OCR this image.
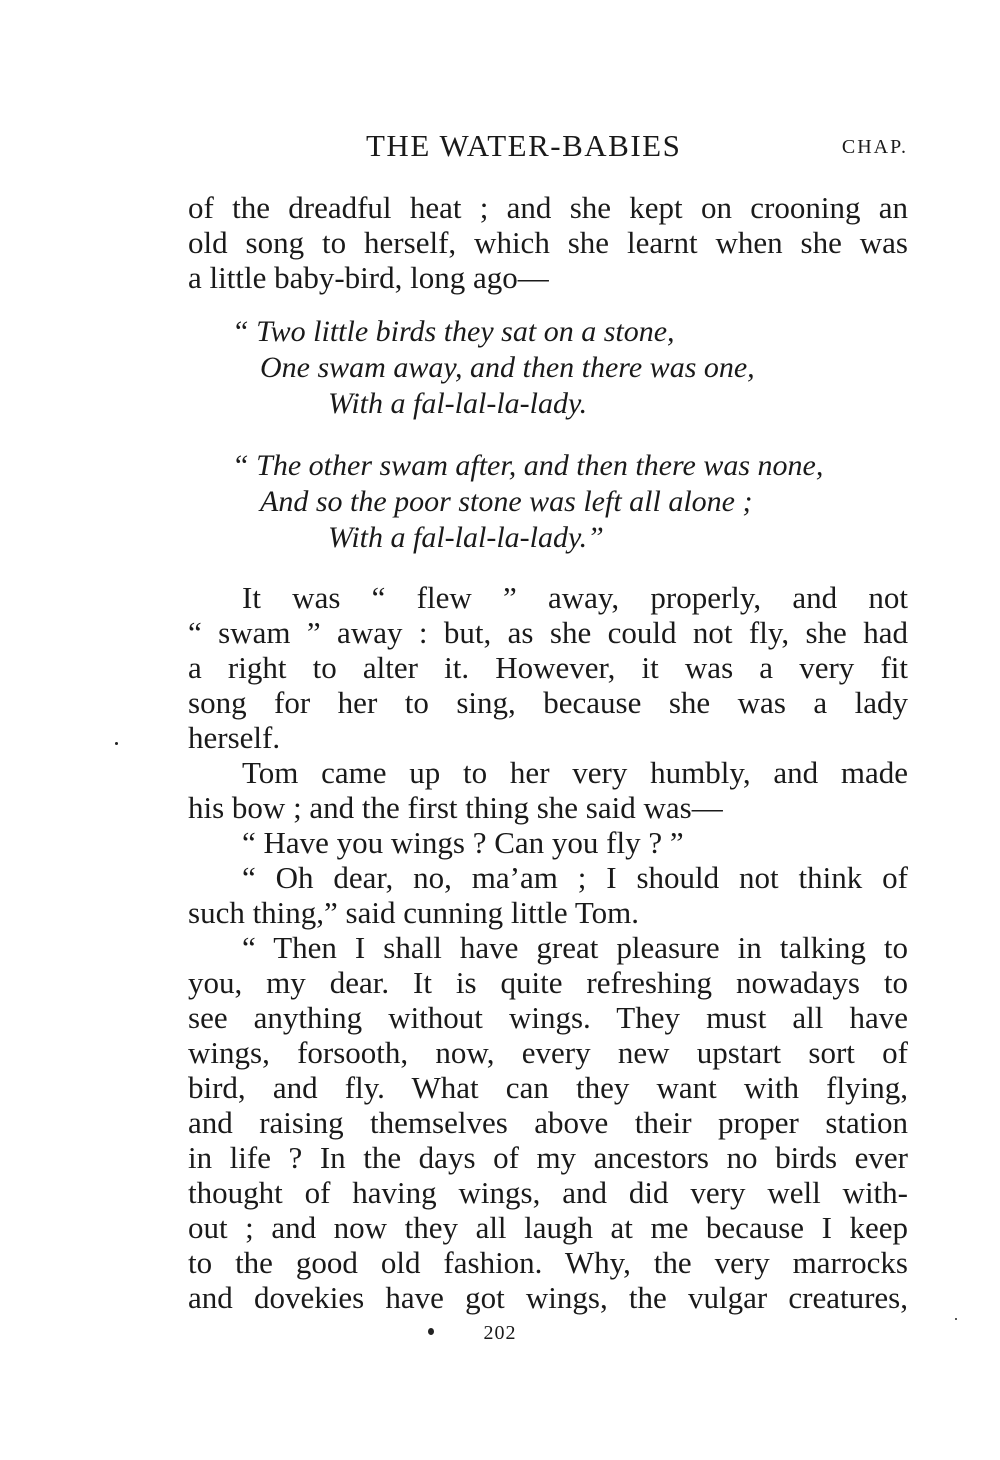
THE WATER-BABIES	CHAP.
of the dreadful heat ; and she kept on crooning an
old song to herself, which she learnt when she was
a little baby-bird, long ago—
“ Two little birds they sat on a stone,
One swam away, and then there was one,
With a fal-lal-la-lady.
“ The other swam after, and then there was none,
And so the poor stone was left all alone ;
With a fal-lal-la-lady.”
It was “ flew ” away, properly, and not
“ swam ” away : but, as she could not fly, she had
a right to alter it. However, it was a very fit
song for her to sing, because she was a lady
herself.
Tom came up to her very humbly, and made
his bow ; and the first thing she said was—
“ Have you wings ? Can you fly ? ”
“ Oh dear, no, ma’am ; I should not think of
such thing,” said cunning little Tom.
“ Then I shall have great pleasure in talking to
you, my dear. It is quite refreshing nowadays to
see anything without wings. They must all have
wings, forsooth, now, every new upstart sort of
bird, and fly. What can they want with flying,
and raising themselves above their proper station
in life ? In the days of my ancestors no birds ever
thought of having wings, and did very well with-
out ; and now they all laugh at me because I keep
to the good old fashion. Why, the very marrocks
and dovekies have got wings, the vulgar creatures,
202
